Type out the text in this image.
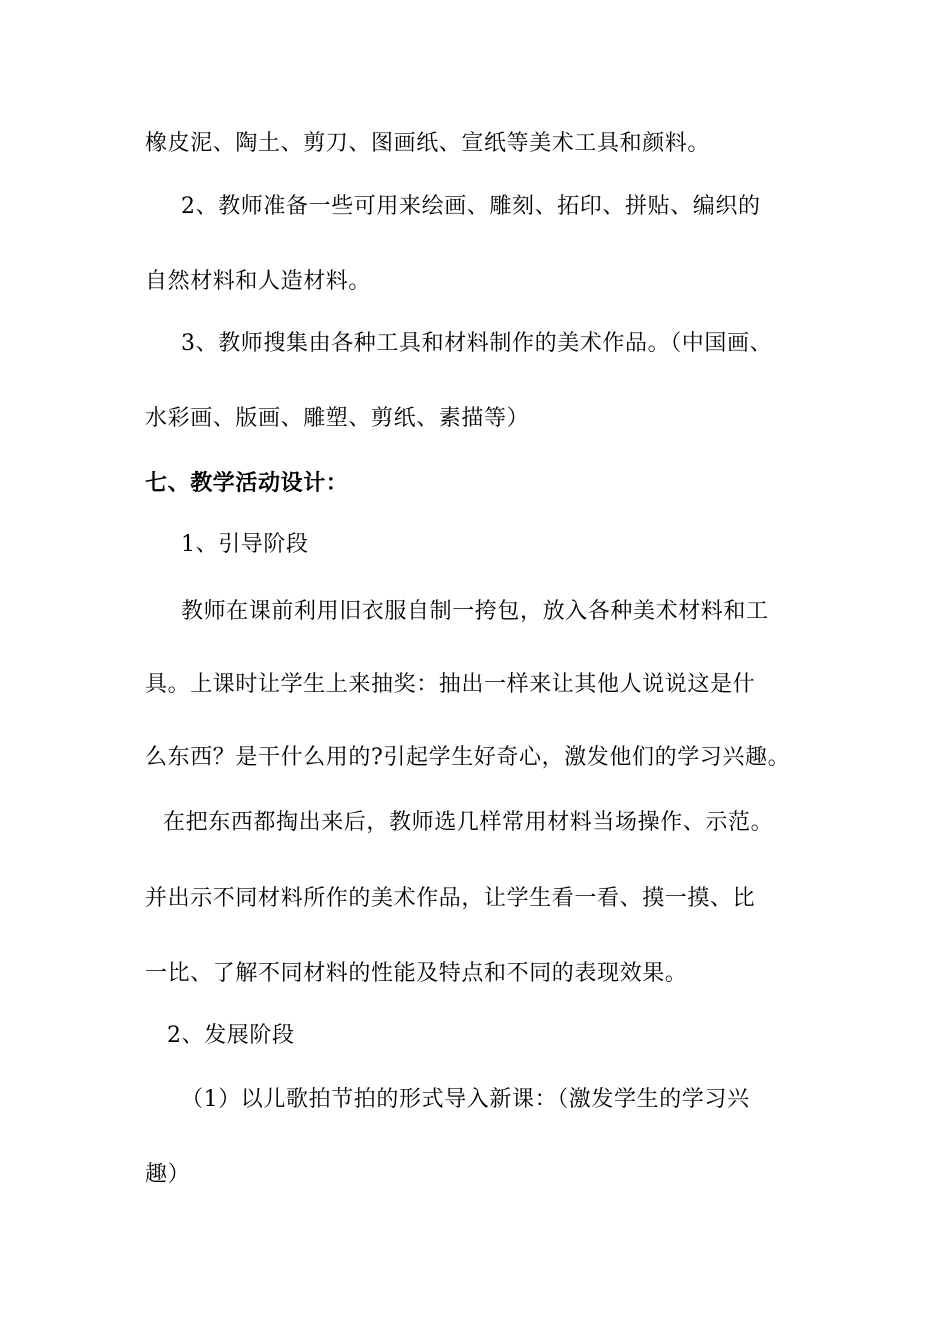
橡皮泥、陶土、剪刀、图画纸、宣纸等美术工具和颜料。
2、教师准备一些可用来绘画、雕刻、拓印、拼贴、编织的
自然材料和人造材料。
3、教师搜集由各种工具和材料制作的美术作品。（中国画、
水彩画、版画、雕塑、剪纸、素描等）
七、教学活动设计：
1、引导阶段
教师在课前利用旧衣服自制一挎包，放入各种美术材料和工
具。上课时让学生上来抽奖：抽出一样来让其他人说说这是什
么东西？是干什么用的?引起学生好奇心，激发他们的学习兴趣。
在把东西都掏出来后，教师选几样常用材料当场操作、示范。
并出示不同材料所作的美术作品，让学生看一看、摸一摸、比
一比、了解不同材料的性能及特点和不同的表现效果。
2、发展阶段
（1）以儿歌拍节拍的形式导入新课：（激发学生的学习兴
趣）
